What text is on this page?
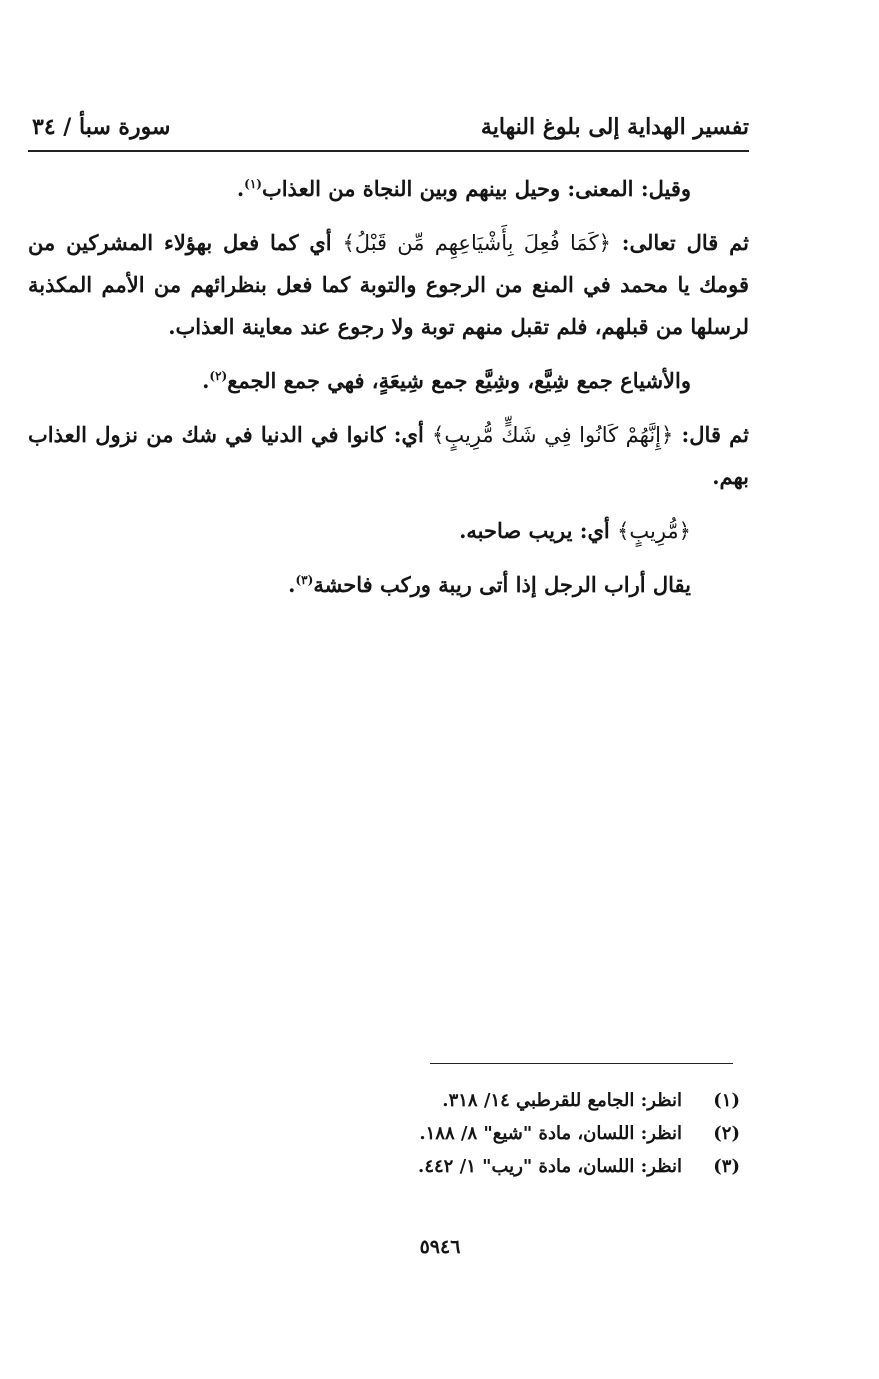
تفسير الهداية إلى بلوغ النهاية
سورة سبأ / ٣٤

وقيل: المعنى: وحيل بينهم وبين النجاة من العذاب$^{(١)}$.

ثم قال تعالى: ﴿كَمَا فُعِلَ بِأَشْيَاعِهِم مِّن قَبْلُ﴾ أي كما فعل بهؤلاء المشركين من قومك يا محمد في المنع من الرجوع والتوبة كما فعل بنظرائهم من الأمم المكذبة لرسلها من قبلهم، فلم تقبل منهم توبة ولا رجوع عند معاينة العذاب.

والأشياع جمع شِيَّع، وشِيَّع جمع شِيعَةٍ، فهي جمع الجمع$^{(٢)}$.

ثم قال: ﴿إِنَّهُمْ كَانُوا فِي شَكٍّ مُّرِيبٍ﴾ أي: كانوا في الدنيا في شك من نزول العذاب بهم.

﴿مُّرِيبٍ﴾ أي: يريب صاحبه.

يقال أراب الرجل إذا أتى ريبة وركب فاحشة$^{(٣)}$.

(١)
انظر: الجامع للقرطبي ١٤/ ٣١٨.
(٢)
انظر: اللسان، مادة "شيع" ٨/ ١٨٨.
(٣)
انظر: اللسان، مادة "ريب" ١/ ٤٤٢.
٥٩٤٦
